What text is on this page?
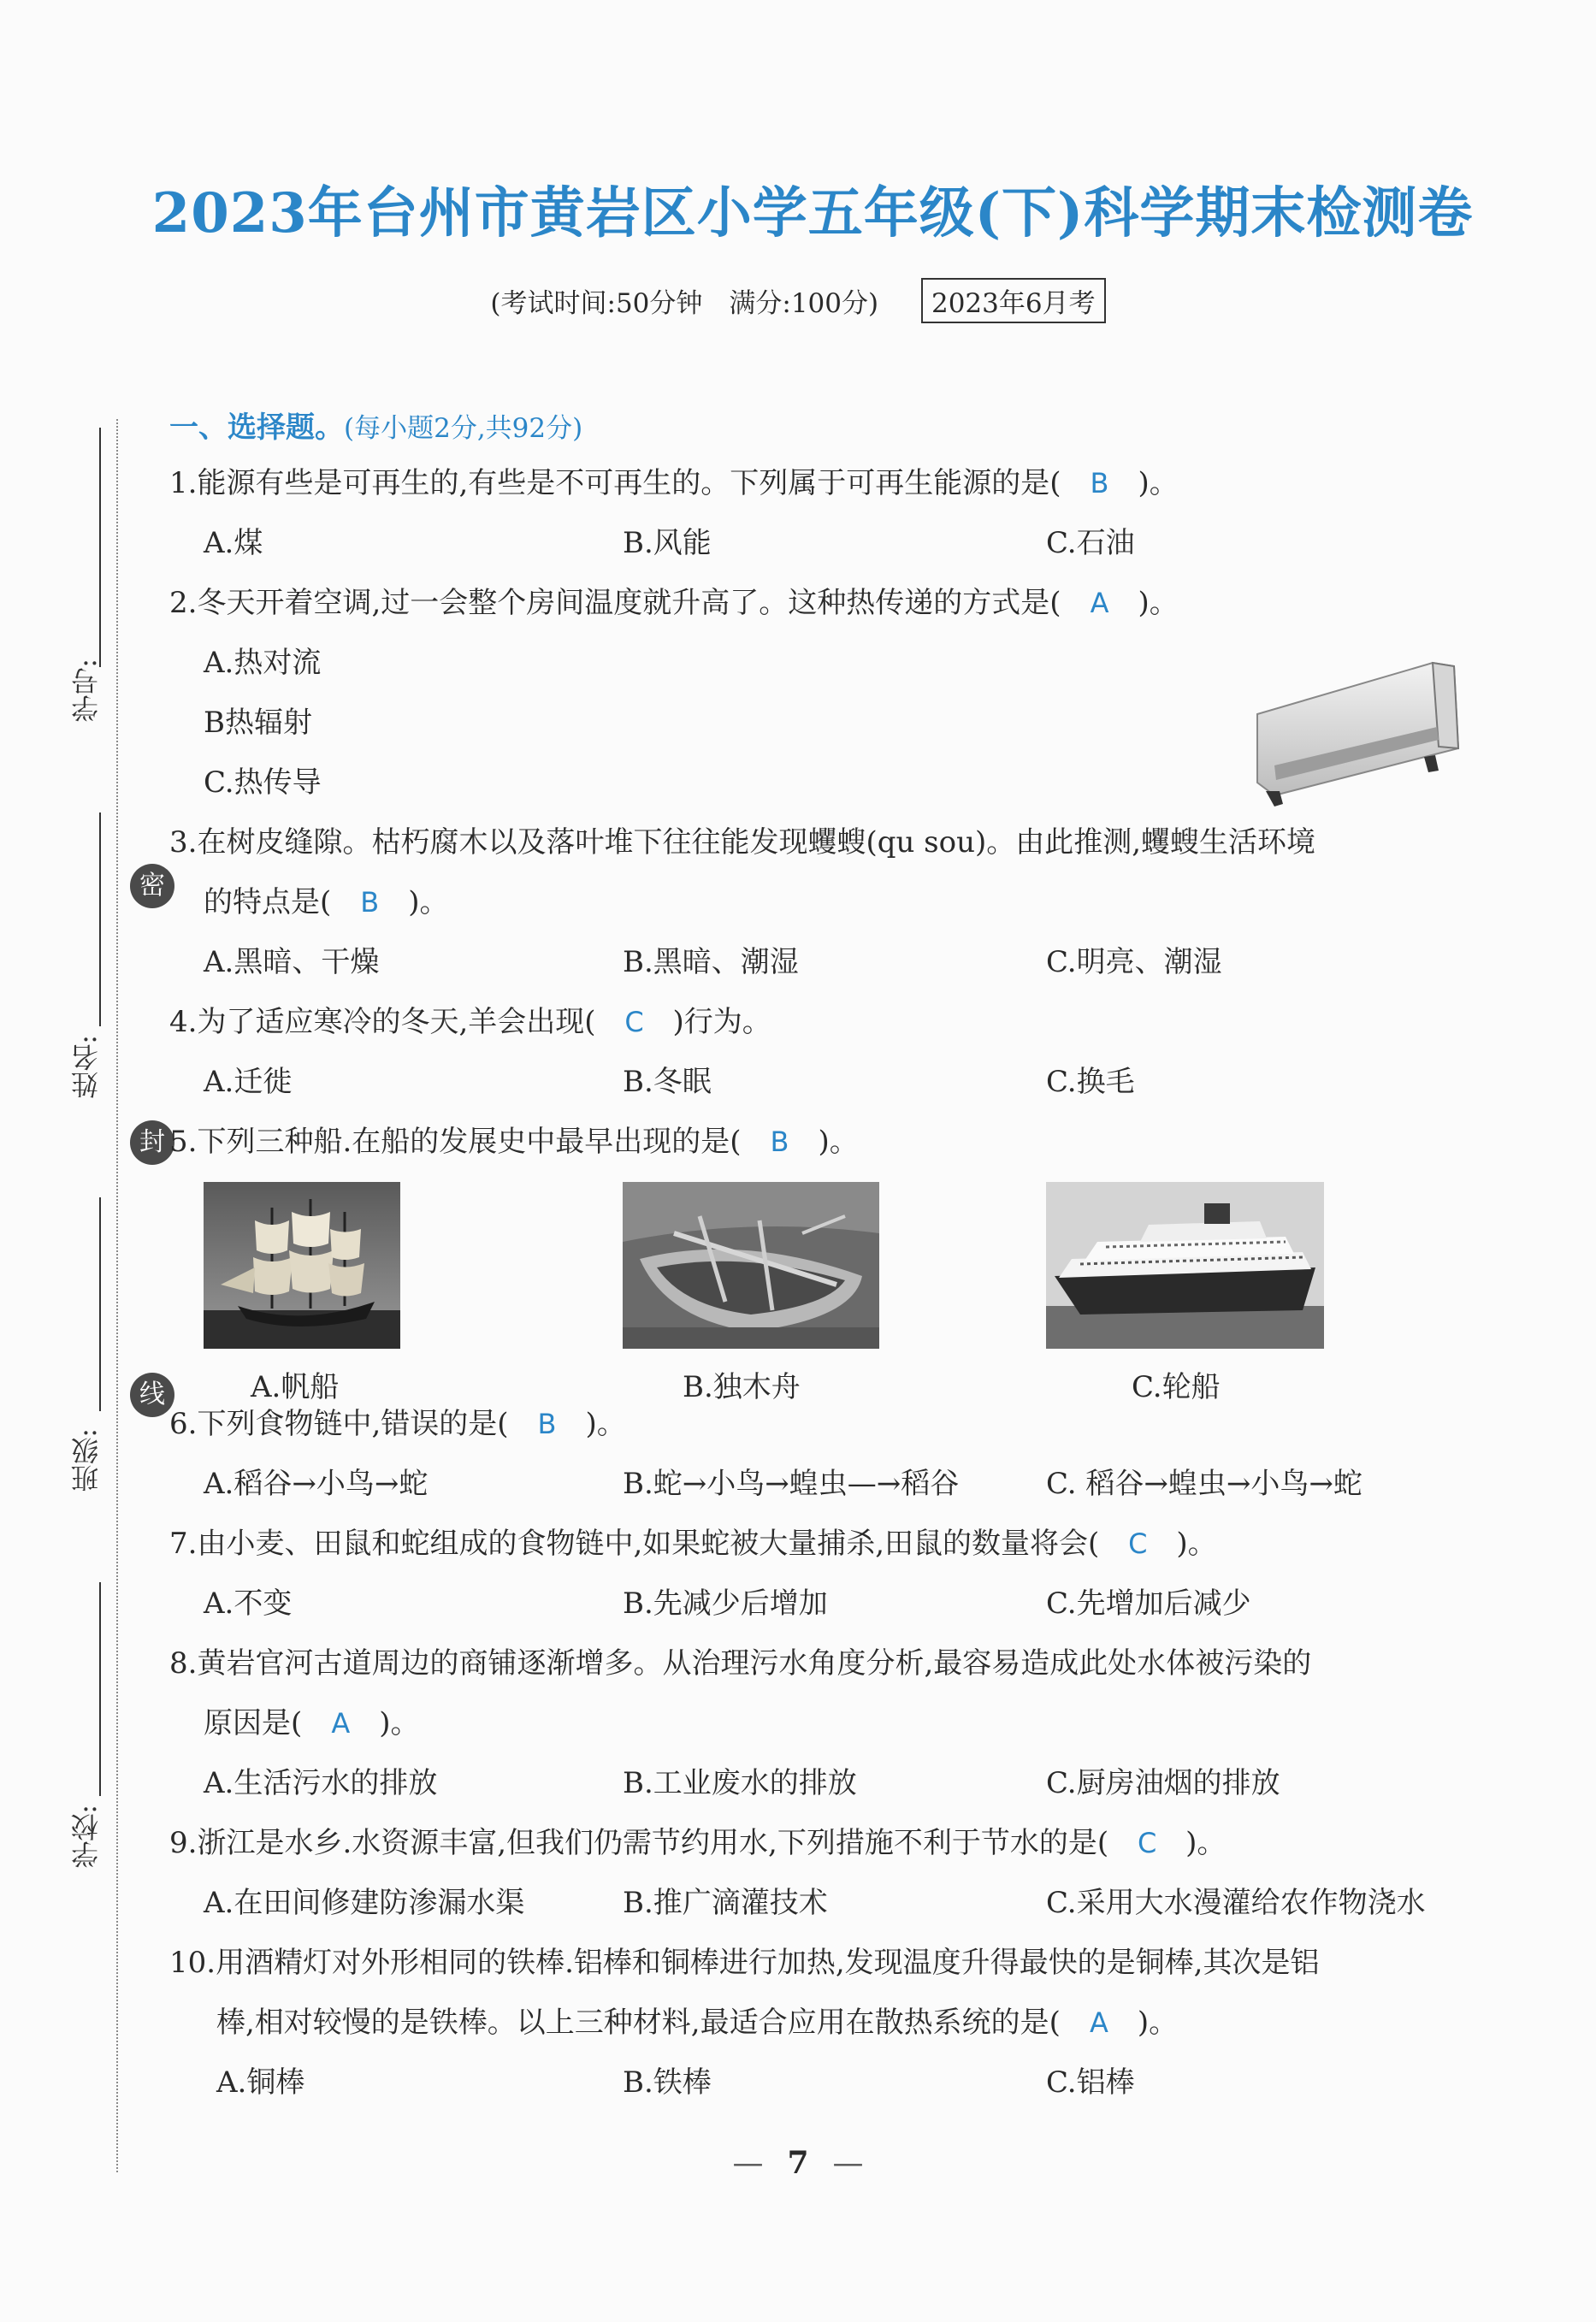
2023年台州市黄岩区小学五年级(下)科学期末检测卷
(考试时间:50分钟　满分:100分) 2023年6月考
学号:
密
姓名:
封
线
班级:
学校:
一、选择题。(每小题2分,共92分)
1.能源有些是可再生的,有些是不可再生的。下列属于可再生能源的是( B )。
A.煤	B.风能	C.石油
2.冬天开着空调,过一会整个房间温度就升高了。这种热传递的方式是( A )。
A.热对流
B热辐射
C.热传导
3.在树皮缝隙。枯朽腐木以及落叶堆下往往能发现蠼螋(qu sou)。由此推测,蠼螋生活环境
的特点是( B )。
A.黑暗、干燥	B.黑暗、潮湿	C.明亮、潮湿
4.为了适应寒冷的冬天,羊会出现( C )行为。
A.迁徙	B.冬眠	C.换毛
5.下列三种船.在船的发展史中最早出现的是( B )。
A.帆船	B.独木舟	C.轮船
6.下列食物链中,错误的是( B )。
A.稻谷→小鸟→蛇	B.蛇→小鸟→蝗虫—→稻谷	C. 稻谷→蝗虫→小鸟→蛇
7.由小麦、田鼠和蛇组成的食物链中,如果蛇被大量捕杀,田鼠的数量将会( C )。
A.不变	B.先减少后增加	C.先增加后减少
8.黄岩官河古道周边的商铺逐渐增多。从治理污水角度分析,最容易造成此处水体被污染的
原因是( A )。
A.生活污水的排放	B.工业废水的排放	C.厨房油烟的排放
9.浙江是水乡.水资源丰富,但我们仍需节约用水,下列措施不利于节水的是( C )。
A.在田间修建防渗漏水渠	B.推广滴灌技术	C.采用大水漫灌给农作物浇水
10.用酒精灯对外形相同的铁棒.铝棒和铜棒进行加热,发现温度升得最快的是铜棒,其次是铝
棒,相对较慢的是铁棒。以上三种材料,最适合应用在散热系统的是( A )。
A.铜棒	B.铁棒	C.铝棒
— 7 —
